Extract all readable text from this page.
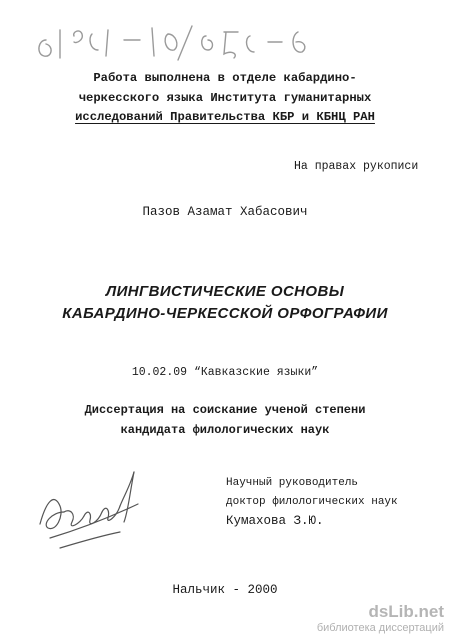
Работа выполнена в отделе кабардино-
черкесского языка Института гуманитарных
исследований Правительства КБР и КБНЦ РАН
На правах рукописи
Пазов Азамат Хабасович
ЛИНГВИСТИЧЕСКИЕ ОСНОВЫ
КАБАРДИНО-ЧЕРКЕССКОЙ ОРФОГРАФИИ
10.02.09 “Кавказские языки”
Диссертация на соискание ученой степени
кандидата филологических наук
Научный руководитель
доктор филологических наук
Кумахова З.Ю.
Нальчик - 2000
dsLib.net
библиотека диссертаций
